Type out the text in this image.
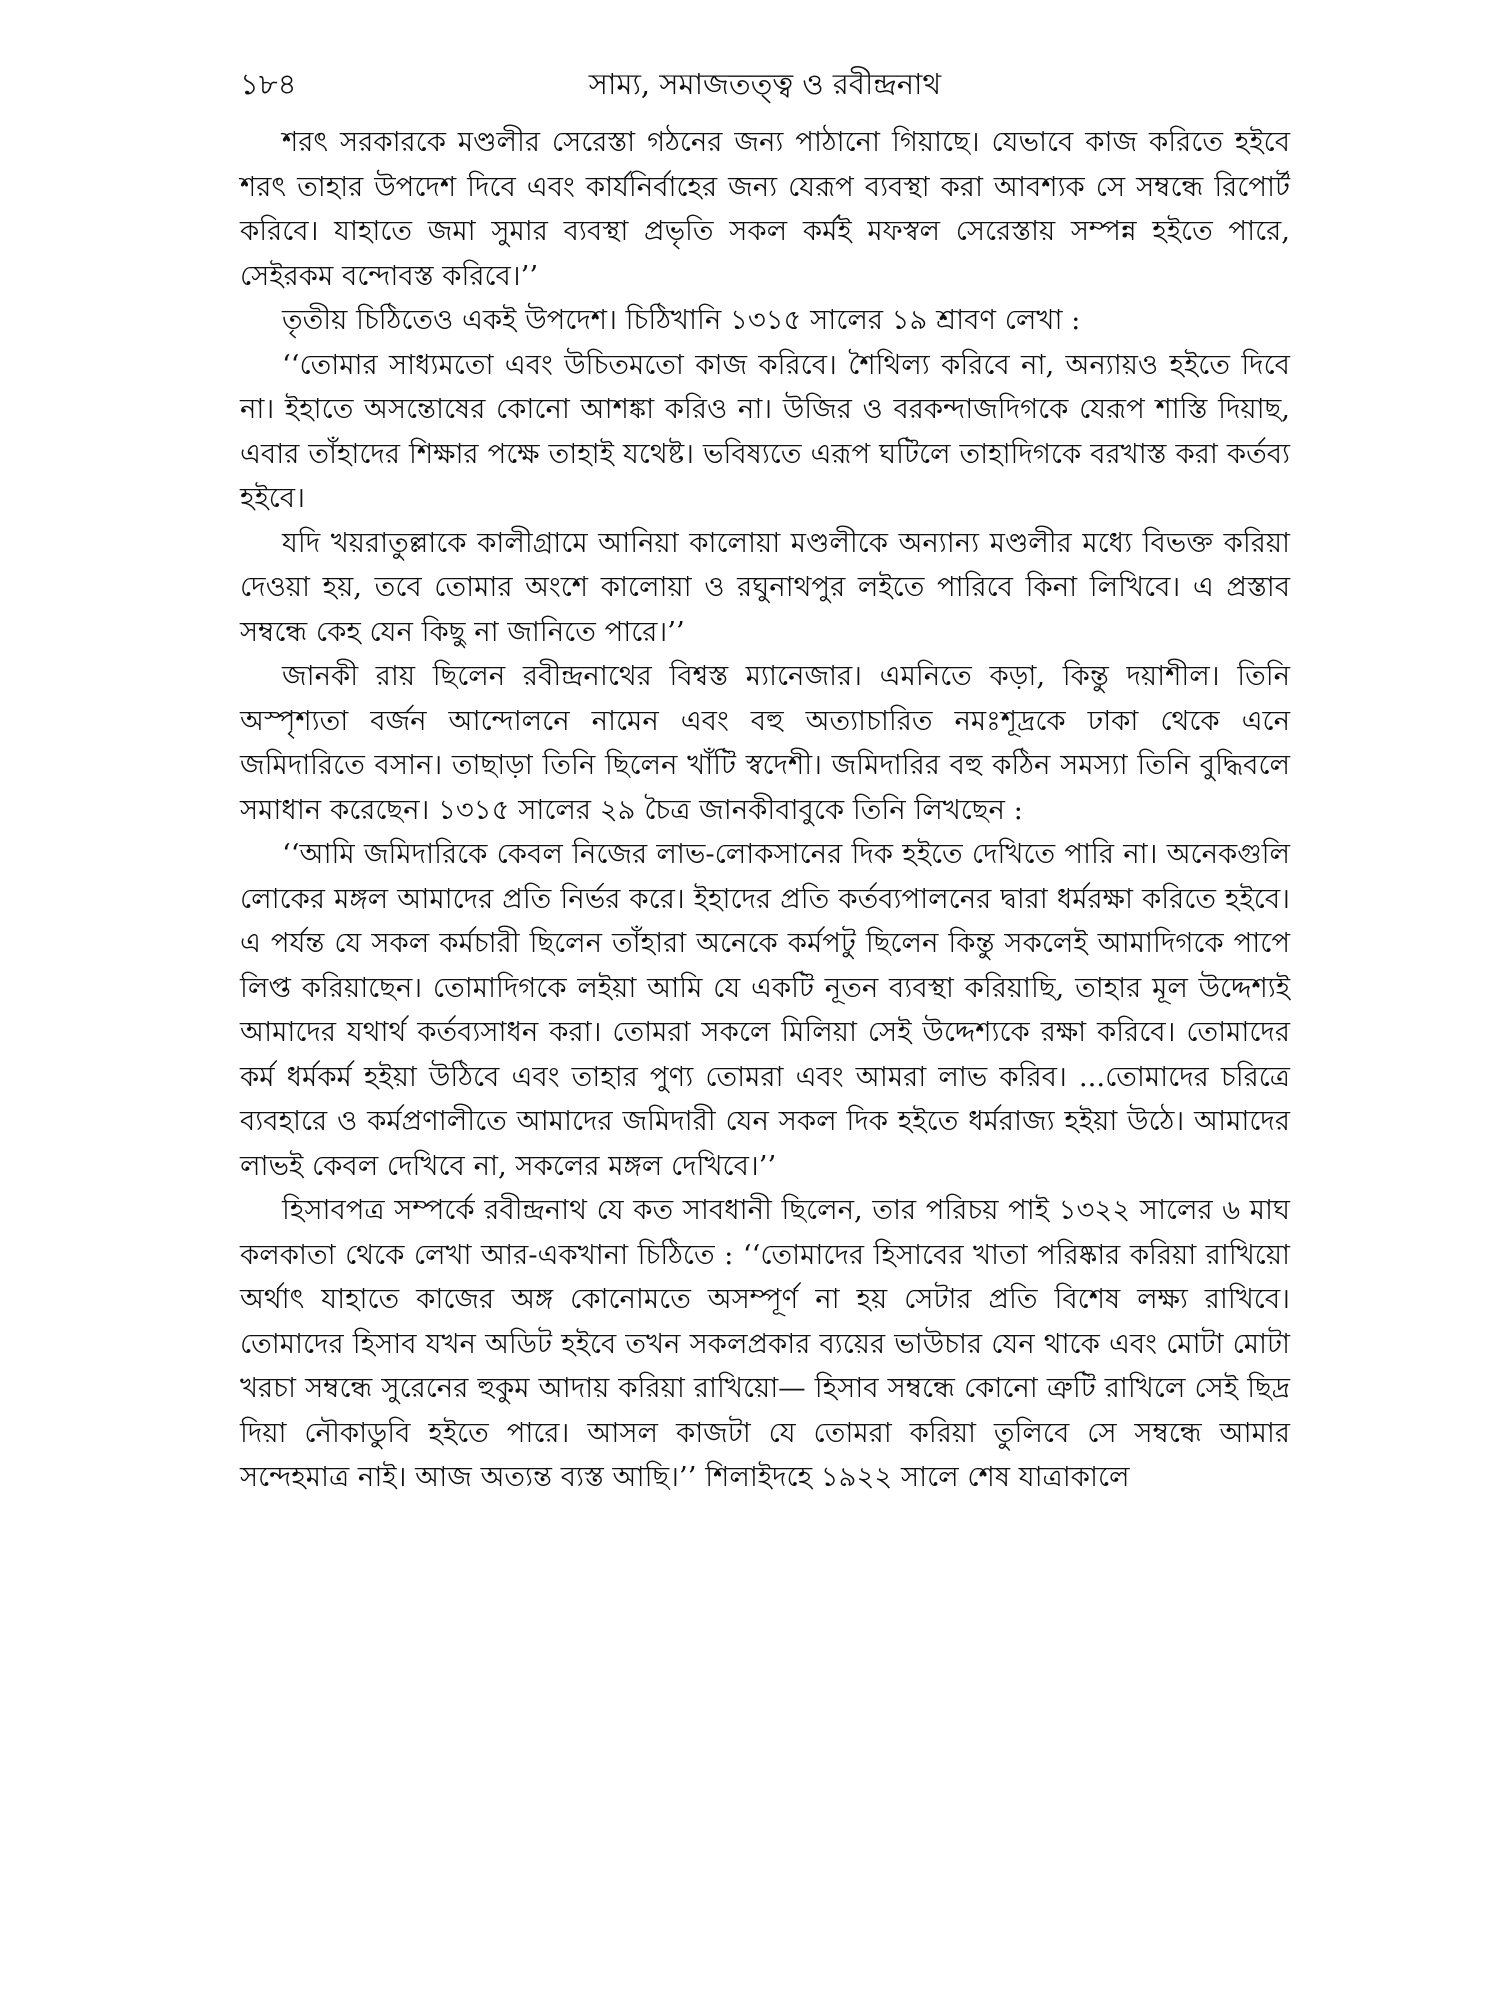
১৮৪	সাম্য, সমাজতত্ত্ব ও রবীন্দ্রনাথ

শরৎ সরকারকে মণ্ডলীর সেরেস্তা গঠনের জন্য পাঠানো গিয়াছে। যেভাবে কাজ করিতে হইবে শরৎ তাহার উপদেশ দিবে এবং কার্যনির্বাহের জন্য যেরূপ ব্যবস্থা করা আবশ্যক সে সম্বন্ধে রিপোর্ট করিবে। যাহাতে জমা সুমার ব্যবস্থা প্রভৃতি সকল কর্মই মফস্বল সেরেস্তায় সম্পন্ন হইতে পারে, সেইরকম বন্দোবস্ত করিবে।’’

তৃতীয় চিঠিতেও একই উপদেশ। চিঠিখানি ১৩১৫ সালের ১৯ শ্রাবণ লেখা :

‘‘তোমার সাধ্যমতো এবং উচিতমতো কাজ করিবে। শৈথিল্য করিবে না, অন্যায়ও হইতে দিবে না। ইহাতে অসন্তোষের কোনো আশঙ্কা করিও না। উজির ও বরকন্দাজদিগকে যেরূপ শাস্তি দিয়াছ, এবার তাঁহাদের শিক্ষার পক্ষে তাহাই যথেষ্ট। ভবিষ্যতে এরূপ ঘটিলে তাহাদিগকে বরখাস্ত করা কর্তব্য হইবে।

যদি খয়রাতুল্লাকে কালীগ্রামে আনিয়া কালোয়া মণ্ডলীকে অন্যান্য মণ্ডলীর মধ্যে বিভক্ত করিয়া দেওয়া হয়, তবে তোমার অংশে কালোয়া ও রঘুনাথপুর লইতে পারিবে কিনা লিখিবে। এ প্রস্তাব সম্বন্ধে কেহ যেন কিছু না জানিতে পারে।’’

জানকী রায় ছিলেন রবীন্দ্রনাথের বিশ্বস্ত ম্যানেজার। এমনিতে কড়া, কিন্তু দয়াশীল। তিনি অস্পৃশ্যতা বর্জন আন্দোলনে নামেন এবং বহু অত্যাচারিত নমঃশূদ্রকে ঢাকা থেকে এনে জমিদারিতে বসান। তাছাড়া তিনি ছিলেন খাঁটি স্বদেশী। জমিদারির বহু কঠিন সমস্যা তিনি বুদ্ধিবলে সমাধান করেছেন। ১৩১৫ সালের ২৯ চৈত্র জানকীবাবুকে তিনি লিখছেন :

‘‘আমি জমিদারিকে কেবল নিজের লাভ-লোকসানের দিক হইতে দেখিতে পারি না। অনেকগুলি লোকের মঙ্গল আমাদের প্রতি নির্ভর করে। ইহাদের প্রতি কর্তব্যপালনের দ্বারা ধর্মরক্ষা করিতে হইবে। এ পর্যন্ত যে সকল কর্মচারী ছিলেন তাঁহারা অনেকে কর্মপটু ছিলেন কিন্তু সকলেই আমাদিগকে পাপে লিপ্ত করিয়াছেন। তোমাদিগকে লইয়া আমি যে একটি নূতন ব্যবস্থা করিয়াছি, তাহার মূল উদ্দেশ্যই আমাদের যথার্থ কর্তব্যসাধন করা। তোমরা সকলে মিলিয়া সেই উদ্দেশ্যকে রক্ষা করিবে। তোমাদের কর্ম ধর্মকর্ম হইয়া উঠিবে এবং তাহার পুণ্য তোমরা এবং আমরা লাভ করিব। ...তোমাদের চরিত্রে ব্যবহারে ও কর্মপ্রণালীতে আমাদের জমিদারী যেন সকল দিক হইতে ধর্মরাজ্য হইয়া উঠে। আমাদের লাভই কেবল দেখিবে না, সকলের মঙ্গল দেখিবে।’’

হিসাবপত্র সম্পর্কে রবীন্দ্রনাথ যে কত সাবধানী ছিলেন, তার পরিচয় পাই ১৩২২ সালের ৬ মাঘ কলকাতা থেকে লেখা আর-একখানা চিঠিতে : ‘‘তোমাদের হিসাবের খাতা পরিষ্কার করিয়া রাখিয়ো অর্থাৎ যাহাতে কাজের অঙ্গ কোনোমতে অসম্পূর্ণ না হয় সেটার প্রতি বিশেষ লক্ষ্য রাখিবে। তোমাদের হিসাব যখন অডিট হইবে তখন সকলপ্রকার ব্যয়ের ভাউচার যেন থাকে এবং মোটা মোটা খরচা সম্বন্ধে সুরেনের হুকুম আদায় করিয়া রাখিয়ো— হিসাব সম্বন্ধে কোনো ত্রুটি রাখিলে সেই ছিদ্র দিয়া নৌকাডুবি হইতে পারে। আসল কাজটা যে তোমরা করিয়া তুলিবে সে সম্বন্ধে আমার সন্দেহমাত্র নাই। আজ অত্যন্ত ব্যস্ত আছি।’’ শিলাইদহে ১৯২২ সালে শেষ যাত্রাকালে
